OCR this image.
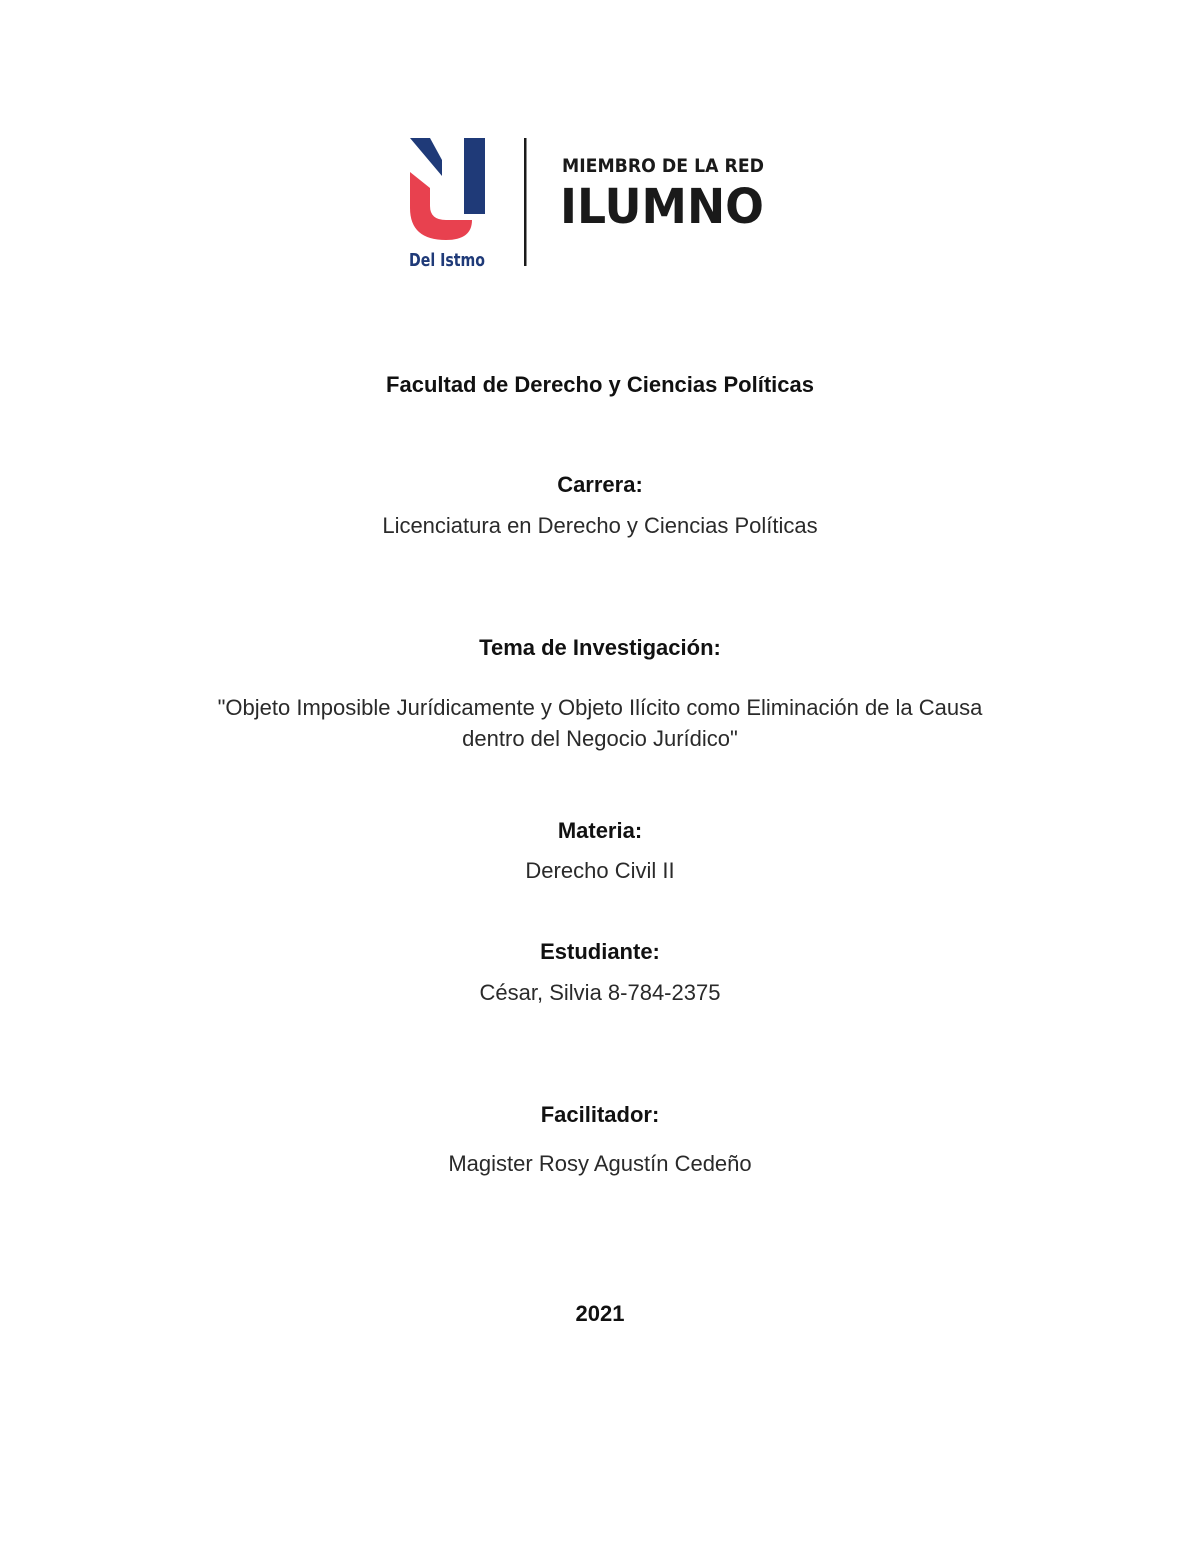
Del Istmo
MIEMBRO DE LA RED
ILUMNO
Facultad de Derecho y Ciencias Políticas
Carrera:
Licenciatura en Derecho y Ciencias Políticas
Tema de Investigación:
"Objeto Imposible Jurídicamente y Objeto Ilícito como Eliminación de la Causa
dentro del Negocio Jurídico"
Materia:
Derecho Civil II
Estudiante:
César, Silvia 8-784-2375
Facilitador:
Magister Rosy Agustín Cedeño
2021
